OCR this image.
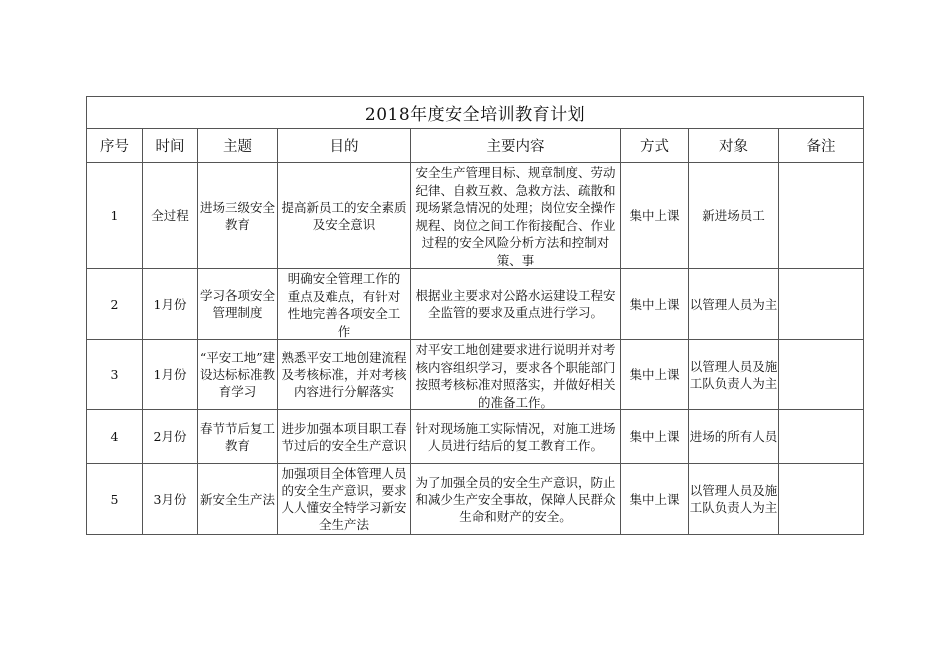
2018年度安全培训教育计划							
序号	时间	主题	目的	主要内容	方式	对象	备注
1	全过程	进场三级安全教育	提高新员工的安全素质及安全意识	安全生产管理目标、规章制度、劳动纪律、自救互救、急救方法、疏散和现场紧急情况的处理；岗位安全操作规程、岗位之间工作衔接配合、作业过程的安全风险分析方法和控制对策、事	集中上课	新进场员工	
2	1月份	学习各项安全管理制度	明确安全管理工作的重点及难点，有针对性地完善各项安全工作	根据业主要求对公路水运建设工程安全监管的要求及重点进行学习。	集中上课	以管理人员为主	
3	1月份	“平安工地”建设达标标准教育学习	熟悉平安工地创建流程及考核标准，并对考核内容进行分解落实	对平安工地创建要求进行说明并对考核内容组织学习，要求各个职能部门按照考核标准对照落实，并做好相关的准备工作。	集中上课	以管理人员及施工队负责人为主	
4	2月份	春节节后复工教育	进步加强本项目职工春节过后的安全生产意识	针对现场施工实际情况，对施工进场人员进行结后的复工教育工作。	集中上课	进场的所有人员	
5	3月份	新安全生产法	加强项目全体管理人员的安全生产意识，要求人人懂安全特学习新安全生产法	为了加强全员的安全生产意识，防止和减少生产安全事故，保障人民群众生命和财产的安全。	集中上课	以管理人员及施工队负责人为主	
